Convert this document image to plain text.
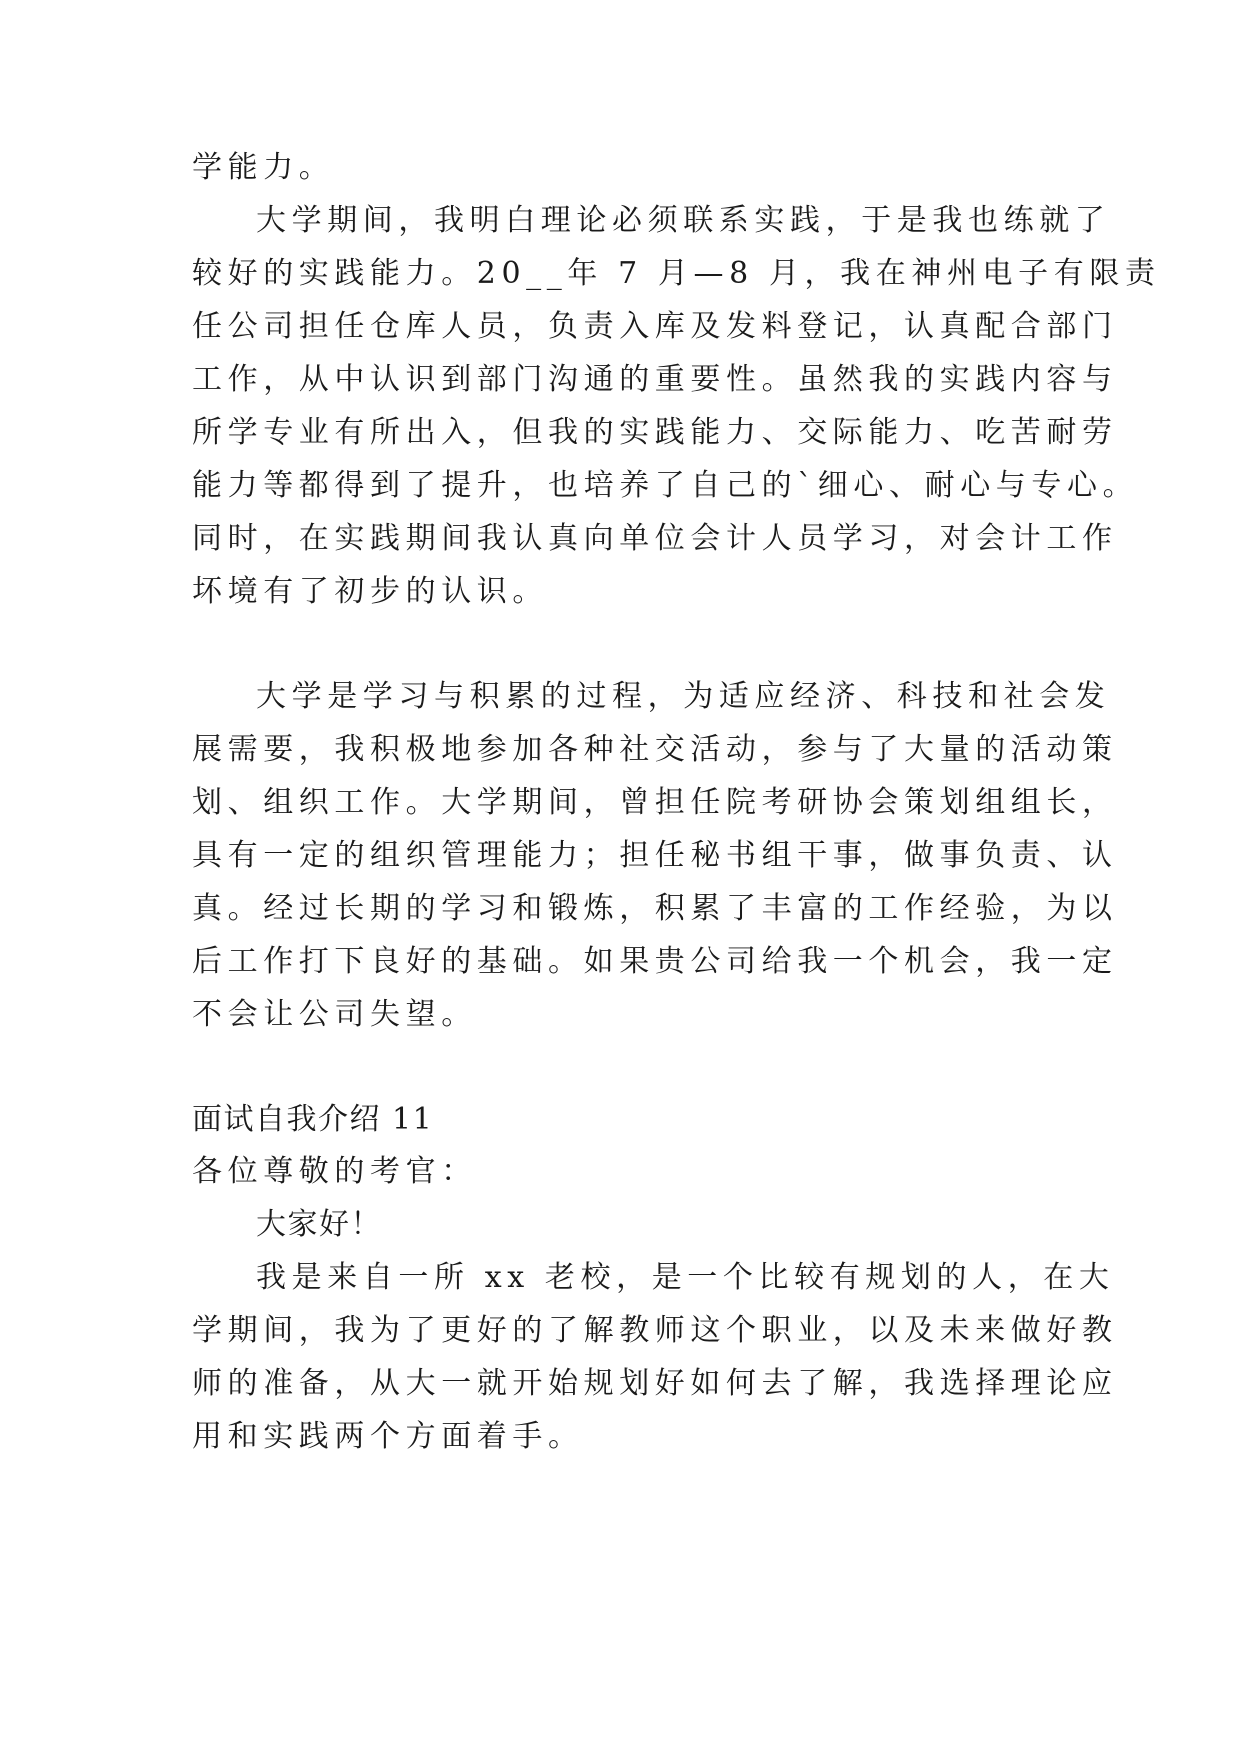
学能力。
大学期间，我明白理论必须联系实践，于是我也练就了
较好的实践能力。20__年 7 月—8 月，我在神州电子有限责
任公司担任仓库人员，负责入库及发料登记，认真配合部门
工作，从中认识到部门沟通的重要性。虽然我的实践内容与
所学专业有所出入，但我的实践能力、交际能力、吃苦耐劳
能力等都得到了提升，也培养了自己的`细心、耐心与专心。
同时，在实践期间我认真向单位会计人员学习，对会计工作
坏境有了初步的认识。
大学是学习与积累的过程，为适应经济、科技和社会发
展需要，我积极地参加各种社交活动，参与了大量的活动策
划、组织工作。大学期间，曾担任院考研协会策划组组长，
具有一定的组织管理能力；担任秘书组干事，做事负责、认
真。经过长期的学习和锻炼，积累了丰富的工作经验，为以
后工作打下良好的基础。如果贵公司给我一个机会，我一定
不会让公司失望。
面试自我介绍 11
各位尊敬的考官：
大家好！
我是来自一所 xx 老校，是一个比较有规划的人，在大
学期间，我为了更好的了解教师这个职业，以及未来做好教
师的准备，从大一就开始规划好如何去了解，我选择理论应
用和实践两个方面着手。
